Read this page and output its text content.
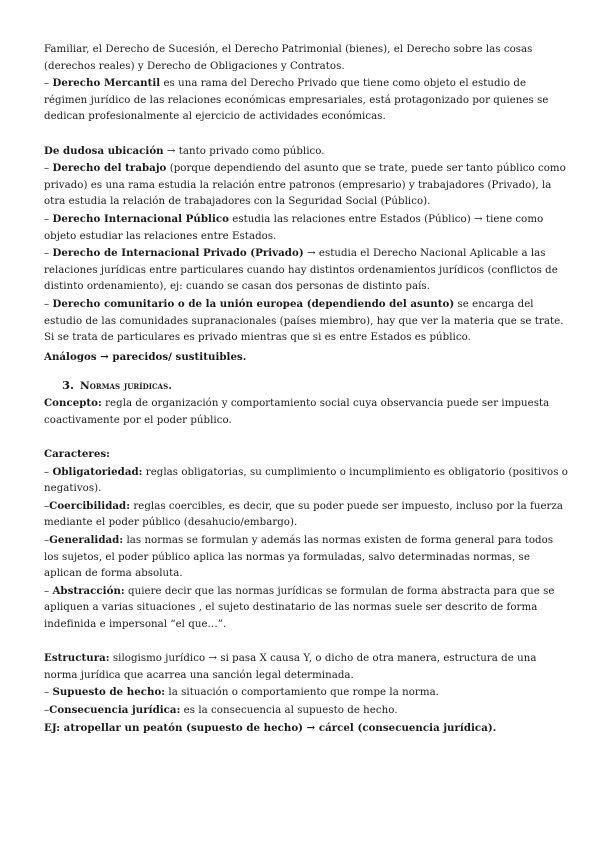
Familiar, el Derecho de Sucesión, el Derecho Patrimonial (bienes), el Derecho sobre las cosas (derechos reales) y Derecho de Obligaciones y Contratos.

– Derecho Mercantil es una rama del Derecho Privado que tiene como objeto el estudio de régimen jurídico de las relaciones económicas empresariales, está protagonizado por quienes se dedican profesionalmente al ejercicio de actividades económicas.

De dudosa ubicación → tanto privado como público.

– Derecho del trabajo (porque dependiendo del asunto que se trate, puede ser tanto público como privado) es una rama estudia la relación entre patronos (empresario) y trabajadores (Privado), la otra estudia la relación de trabajadores con la Seguridad Social (Público).

– Derecho Internacional Público estudia las relaciones entre Estados (Público) → tiene como objeto estudiar las relaciones entre Estados.

– Derecho de Internacional Privado (Privado) → estudia el Derecho Nacional Aplicable a las relaciones jurídicas entre particulares cuando hay distintos ordenamientos jurídicos (conflictos de distinto ordenamiento), ej: cuando se casan dos personas de distinto país.

– Derecho comunitario o de la unión europea (dependiendo del asunto) se encarga del estudio de las comunidades supranacionales (países miembro), hay que ver la materia que se trate. Si se trata de particulares es privado mientras que si es entre Estados es público.

Análogos → parecidos/ sustituibles.

3. Normas jurídicas.

Concepto: regla de organización y comportamiento social cuya observancia puede ser impuesta coactivamente por el poder público.

Caracteres:

– Obligatoriedad: reglas obligatorias, su cumplimiento o incumplimiento es obligatorio (positivos o negativos).

–Coercibilidad: reglas coercibles, es decir, que su poder puede ser impuesto, incluso por la fuerza mediante el poder público (desahucio/embargo).

–Generalidad: las normas se formulan y además las normas existen de forma general para todos los sujetos, el poder público aplica las normas ya formuladas, salvo determinadas normas, se aplican de forma absoluta.

– Abstracción: quiere decir que las normas jurídicas se formulan de forma abstracta para que se apliquen a varias situaciones , el sujeto destinatario de las normas suele ser descrito de forma indefinida e impersonal “el que…”.

Estructura: silogismo jurídico → si pasa X causa Y, o dicho de otra manera, estructura de una norma jurídica que acarrea una sanción legal determinada.

– Supuesto de hecho: la situación o comportamiento que rompe la norma.

–Consecuencia jurídica: es la consecuencia al supuesto de hecho.

EJ: atropellar un peatón (supuesto de hecho) → cárcel (consecuencia jurídica).
